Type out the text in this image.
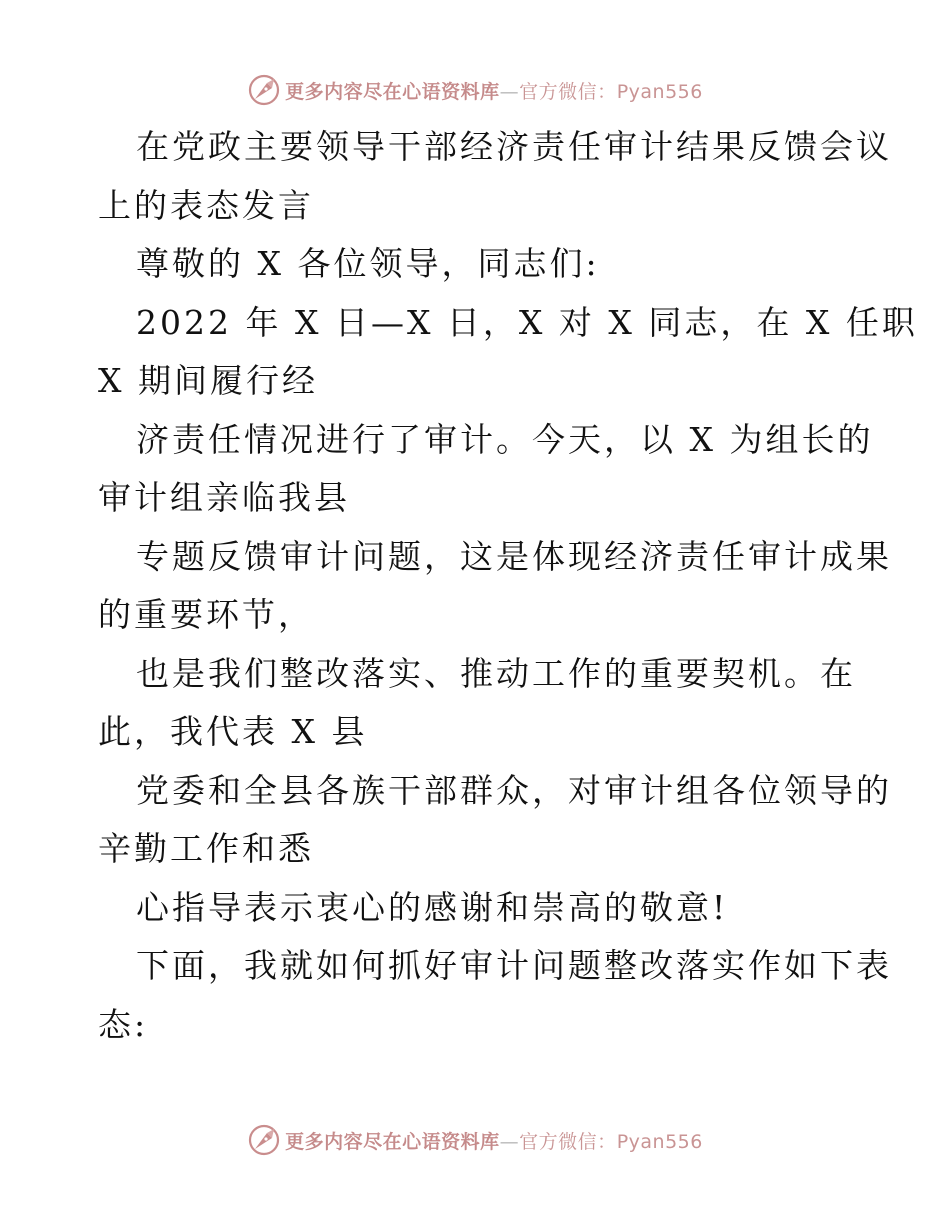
更多内容尽在心语资料库—官方微信：Pyan556
在党政主要领导干部经济责任审计结果反馈会议
上的表态发言
尊敬的 X 各位领导，同志们:
2022 年 X 日—X 日，X 对 X 同志，在 X 任职
X 期间履行经
济责任情况进行了审计。今天，以 X 为组长的
审计组亲临我县
专题反馈审计问题，这是体现经济责任审计成果
的重要环节，
也是我们整改落实、推动工作的重要契机。在
此，我代表 X 县
党委和全县各族干部群众，对审计组各位领导的
辛勤工作和悉
心指导表示衷心的感谢和崇高的敬意!
下面，我就如何抓好审计问题整改落实作如下表
态:
更多内容尽在心语资料库—官方微信：Pyan556
